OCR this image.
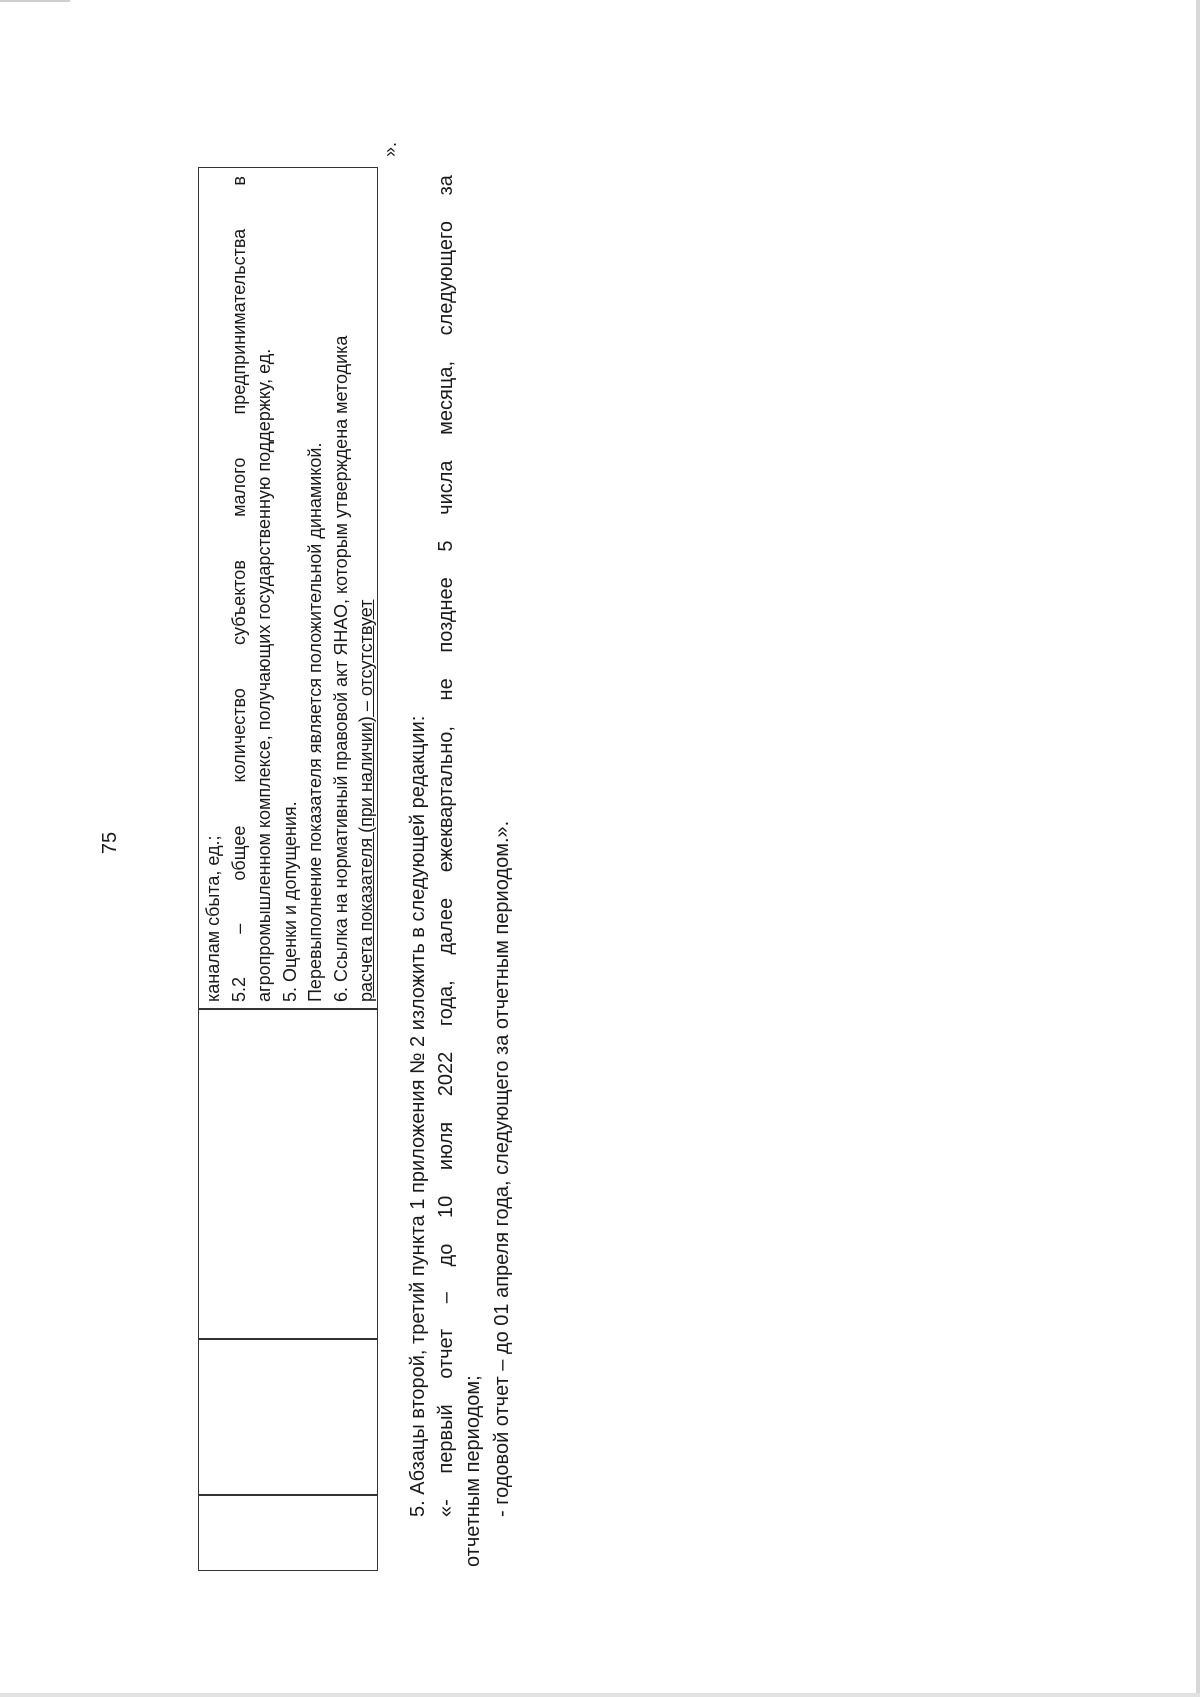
75	каналам сбыта, ед.; 5.2
–
общее
количество
субъектов
малого
предпринимательства
в
агропромышленном комплексе, получающих государственную поддержку, ед. 5. Оценки и допущения. Перевыполнение показателя является положительной динамикой. 6. Ссылка на нормативный правовой акт ЯНАО, которым утверждена методика расчета показателя (при наличии) – отсутствует
».
5. Абзацы второй, третий пункта 1 приложения № 2 изложить в следующей редакции: «-
первый
отчет
–
до
10
июля
2022
года,
далее
ежеквартально,
не
позднее
5
числа
месяца,
следующего
за
отчетным периодом; - годовой отчет – до 01 апреля года, следующего за отчетным периодом.».
